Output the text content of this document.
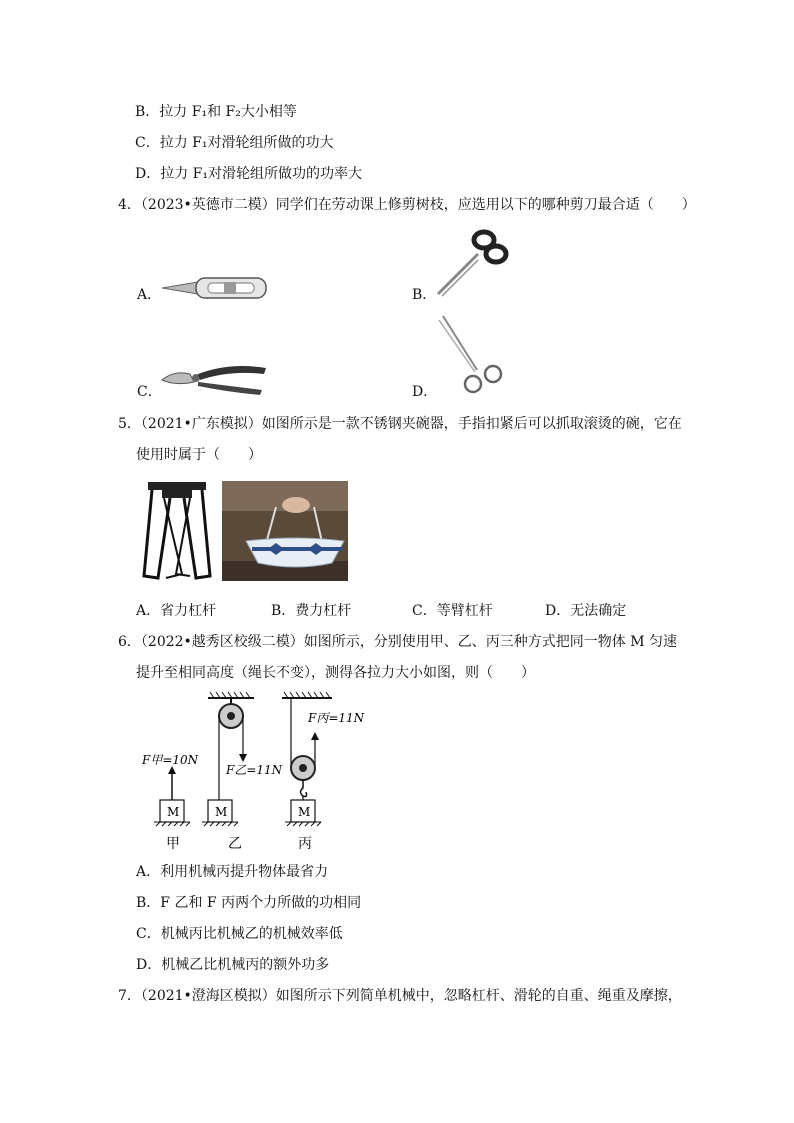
B．拉力 F₁和 F₂大小相等
C．拉力 F₁对滑轮组所做的功大
D．拉力 F₁对滑轮组所做功的功率大
4．（2023•英德市二模）同学们在劳动课上修剪树枝，应选用以下的哪种剪刀最合适（　　）
A．	B．
C．	D．
5．（2021•广东模拟）如图所示是一款不锈钢夹碗器，手指扣紧后可以抓取滚烫的碗，它在
使用时属于（　　）
A．省力杠杆	B．费力杠杆	C．等臂杠杆	D．无法确定
6．（2022•越秀区校级二模）如图所示，分别使用甲、乙、丙三种方式把同一物体 M 匀速
提升至相同高度（绳长不变），测得各拉力大小如图，则（　　）
F甲=10N
F乙=11N
F丙=11N
M	M	M
甲	乙	丙
A．利用机械丙提升物体最省力
B．F 乙和 F 丙两个力所做的功相同
C．机械丙比机械乙的机械效率低
D．机械乙比机械丙的额外功多
7．（2021•澄海区模拟）如图所示下列简单机械中，忽略杠杆、滑轮的自重、绳重及摩擦，
